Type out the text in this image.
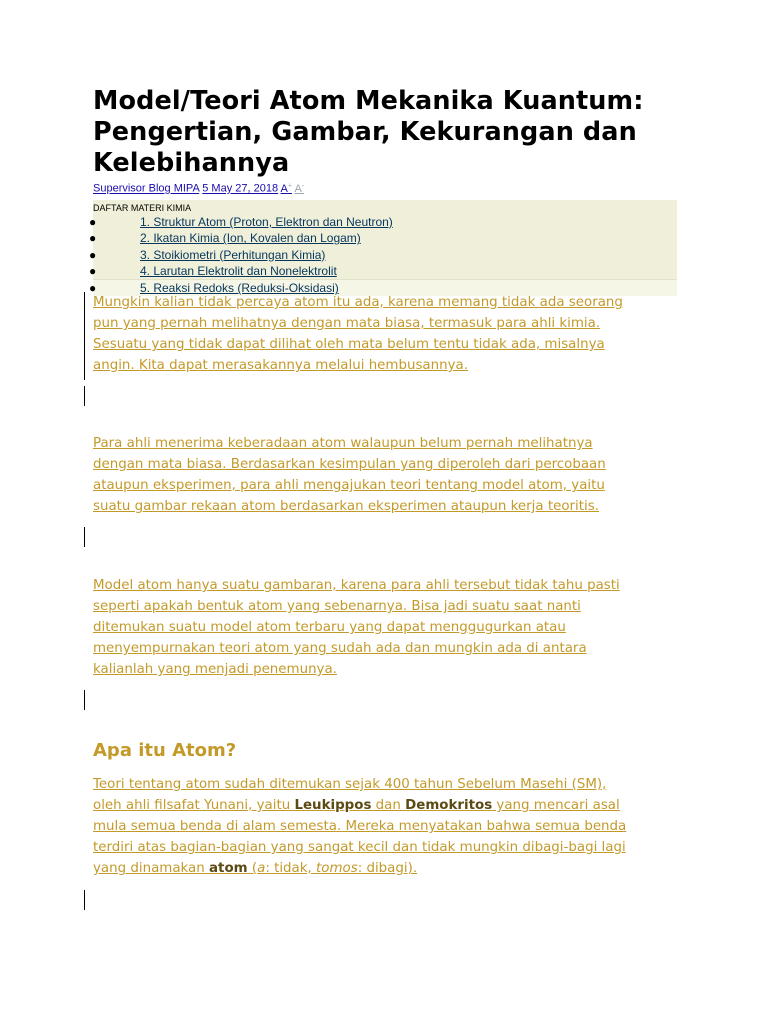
Model/Teori Atom Mekanika Kuantum: Pengertian, Gambar, Kekurangan dan Kelebihannya
Supervisor Blog MIPA 5 May 27, 2018 A+ A-
DAFTAR MATERI KIMIA
●	1. Struktur Atom (Proton, Elektron dan Neutron)
●	2. Ikatan Kimia (Ion, Kovalen dan Logam)
●	3. Stoikiometri (Perhitungan Kimia)
●	4. Larutan Elektrolit dan Nonelektrolit
●	5. Reaksi Redoks (Reduksi-Oksidasi)

Mungkin kalian tidak percaya atom itu ada, karena memang tidak ada seorang
pun yang pernah melihatnya dengan mata biasa, termasuk para ahli kimia.
Sesuatu yang tidak dapat dilihat oleh mata belum tentu tidak ada, misalnya
angin. Kita dapat merasakannya melalui hembusannya.

Para ahli menerima keberadaan atom walaupun belum pernah melihatnya
dengan mata biasa. Berdasarkan kesimpulan yang diperoleh dari percobaan
ataupun eksperimen, para ahli mengajukan teori tentang model atom, yaitu
suatu gambar rekaan atom berdasarkan eksperimen ataupun kerja teoritis.

Model atom hanya suatu gambaran, karena para ahli tersebut tidak tahu pasti
seperti apakah bentuk atom yang sebenarnya. Bisa jadi suatu saat nanti
ditemukan suatu model atom terbaru yang dapat menggugurkan atau
menyempurnakan teori atom yang sudah ada dan mungkin ada di antara
kalianlah yang menjadi penemunya.

Apa itu Atom?

Teori tentang atom sudah ditemukan sejak 400 tahun Sebelum Masehi (SM),
oleh ahli filsafat Yunani, yaitu Leukippos dan Demokritos yang mencari asal
mula semua benda di alam semesta. Mereka menyatakan bahwa semua benda
terdiri atas bagian-bagian yang sangat kecil dan tidak mungkin dibagi-bagi lagi
yang dinamakan atom (a: tidak, tomos: dibagi).
